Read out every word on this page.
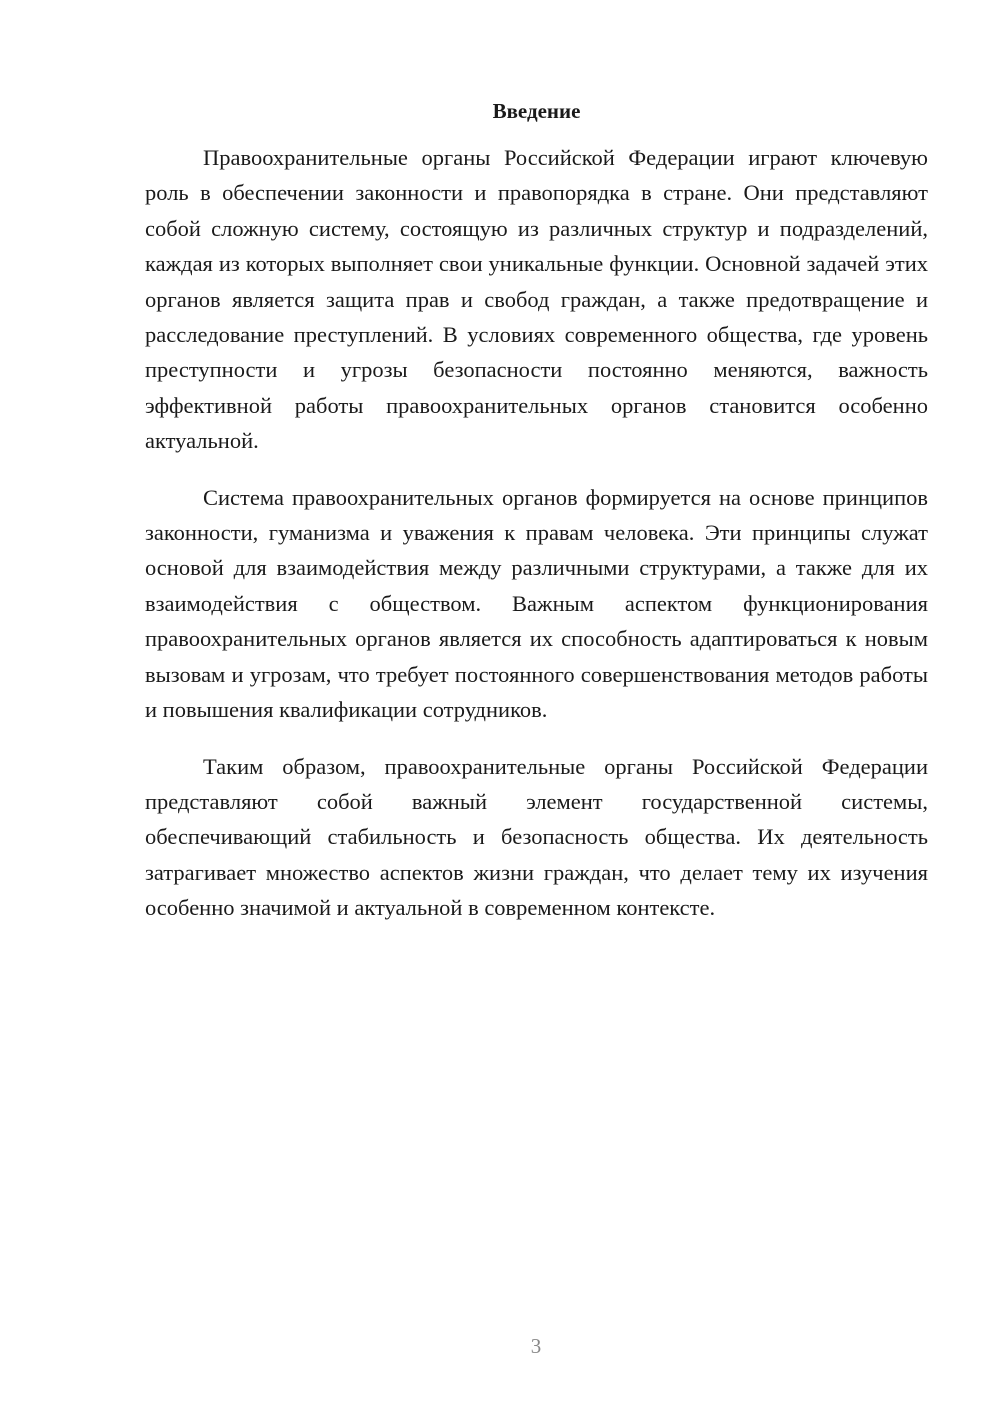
Введение

Правоохранительные органы Российской Федерации играют ключевую роль в обеспечении законности и правопорядка в стране. Они представляют собой сложную систему, состоящую из различных структур и подразделений, каждая из которых выполняет свои уникальные функции. Основной задачей этих органов является защита прав и свобод граждан, а также предотвращение и расследование преступлений. В условиях современного общества, где уровень преступности и угрозы безопасности постоянно меняются, важность эффективной работы правоохранительных органов становится особенно актуальной.

Система правоохранительных органов формируется на основе принципов законности, гуманизма и уважения к правам человека. Эти принципы служат основой для взаимодействия между различными структурами, а также для их взаимодействия с обществом. Важным аспектом функционирования правоохранительных органов является их способность адаптироваться к новым вызовам и угрозам, что требует постоянного совершенствования методов работы и повышения квалификации сотрудников.

Таким образом, правоохранительные органы Российской Федерации представляют собой важный элемент государственной системы, обеспечивающий стабильность и безопасность общества. Их деятельность затрагивает множество аспектов жизни граждан, что делает тему их изучения особенно значимой и актуальной в современном контексте.

3
